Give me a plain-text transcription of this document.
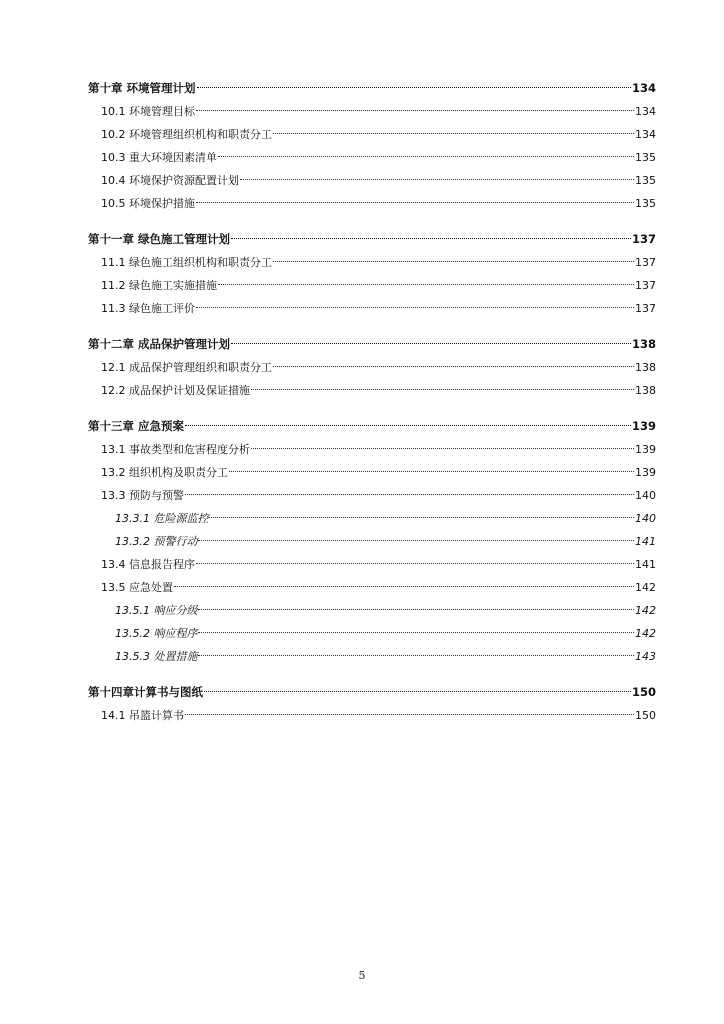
第十章 环境管理计划	134
10.1 环境管理目标	134
10.2 环境管理组织机构和职责分工	134
10.3 重大环境因素清单	135
10.4 环境保护资源配置计划	135
10.5 环境保护措施	135
第十一章 绿色施工管理计划	137
11.1 绿色施工组织机构和职责分工	137
11.2 绿色施工实施措施	137
11.3 绿色施工评价	137
第十二章 成品保护管理计划	138
12.1 成品保护管理组织和职责分工	138
12.2 成品保护计划及保证措施	138
第十三章 应急预案	139
13.1 事故类型和危害程度分析	139
13.2 组织机构及职责分工	139
13.3 预防与预警	140
13.3.1 危险源监控	140
13.3.2 预警行动	141
13.4 信息报告程序	141
13.5 应急处置	142
13.5.1 响应分级	142
13.5.2 响应程序	142
13.5.3 处置措施	143
第十四章计算书与图纸	150
14.1 吊篮计算书	150
5
